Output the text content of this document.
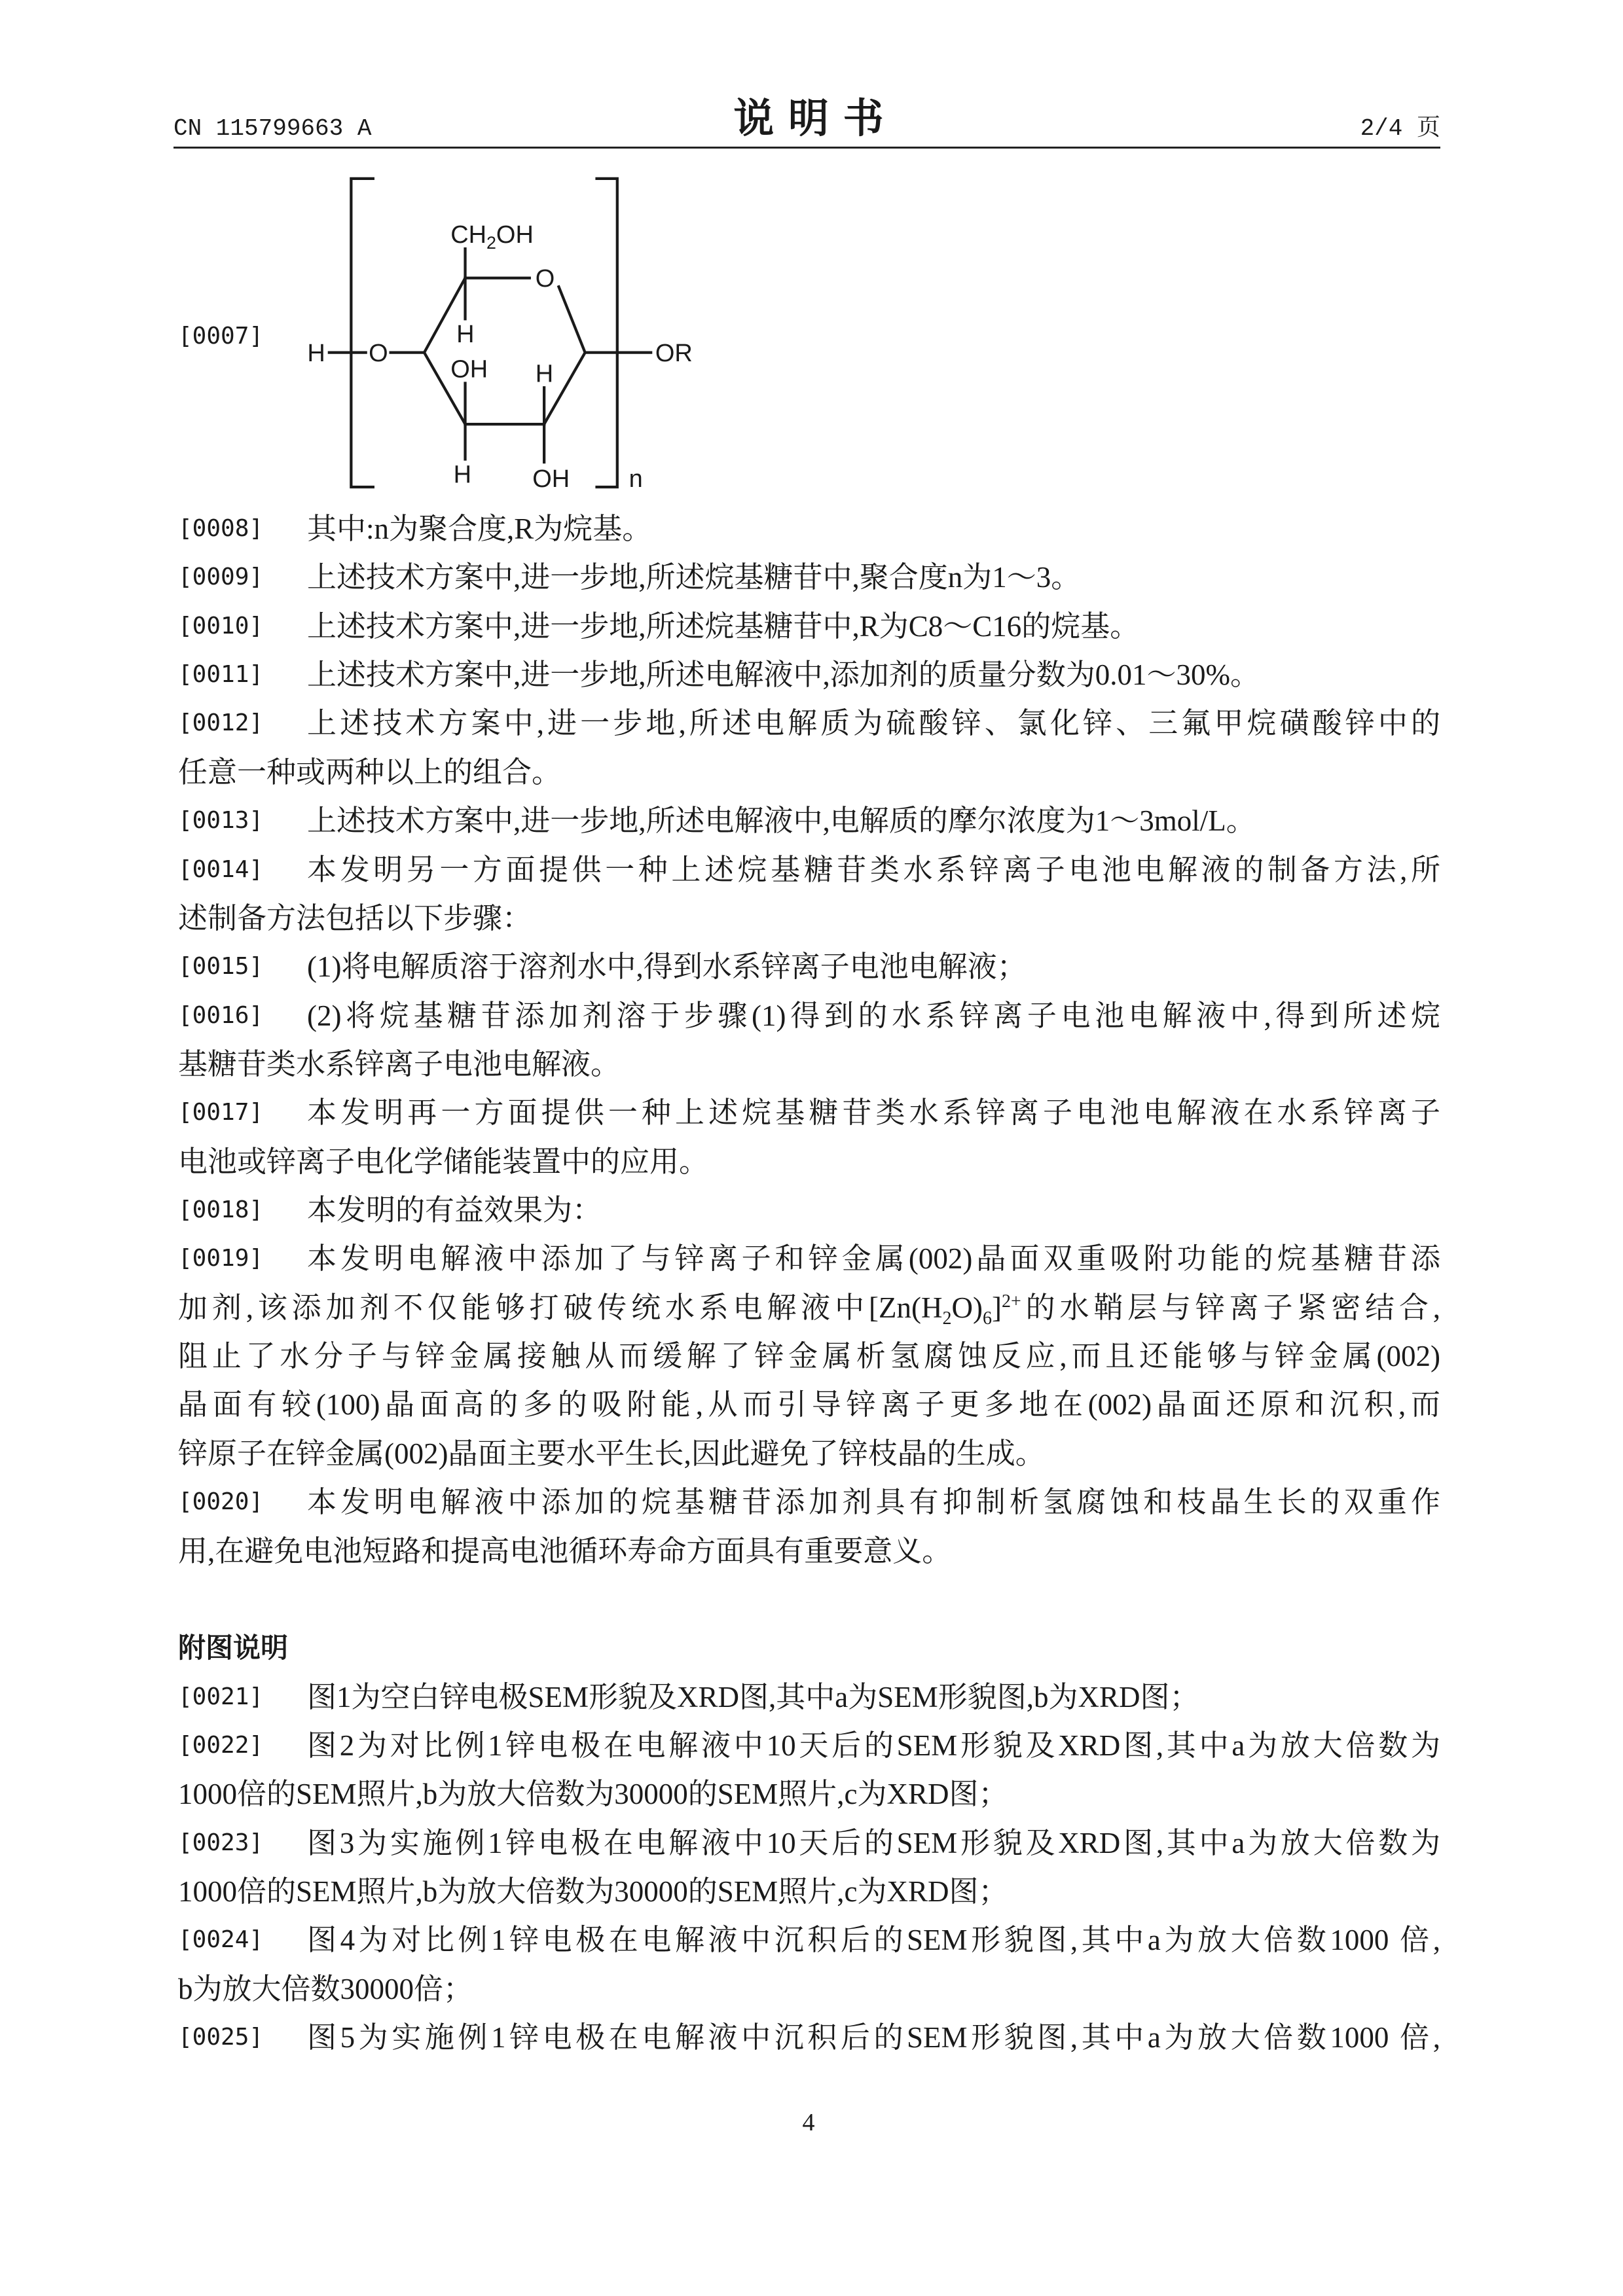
CN 115799663 A	说 明 书	2/4 页
[0007]
n
H	O
O
$CH_2OH$
H
OH
H
H
OH
OR
[0008]	其中:n为聚合度,R为烷基。
[0009]	上述技术方案中,进一步地,所述烷基糖苷中,聚合度n为1～3。
[0010]	上述技术方案中,进一步地,所述烷基糖苷中,R为C8～C16的烷基。
[0011]	上述技术方案中,进一步地,所述电解液中,添加剂的质量分数为0.01～30%。
[0012]	上述技术方案中,进一步地,所述电解质为硫酸锌、氯化锌、三氟甲烷磺酸锌中的
任意一种或两种以上的组合。
[0013]	上述技术方案中,进一步地,所述电解液中,电解质的摩尔浓度为1～3mol/L。
[0014]	本发明另一方面提供一种上述烷基糖苷类水系锌离子电池电解液的制备方法,所
述制备方法包括以下步骤：
[0015]	(1)将电解质溶于溶剂水中,得到水系锌离子电池电解液；
[0016]	(2)将烷基糖苷添加剂溶于步骤(1)得到的水系锌离子电池电解液中,得到所述烷
基糖苷类水系锌离子电池电解液。
[0017]	本发明再一方面提供一种上述烷基糖苷类水系锌离子电池电解液在水系锌离子
电池或锌离子电化学储能装置中的应用。
[0018]	本发明的有益效果为：
[0019]	本发明电解液中添加了与锌离子和锌金属(002)晶面双重吸附功能的烷基糖苷添
加剂,该添加剂不仅能够打破传统水系电解液中$[Zn(H_2O)_6]^{2+}$的水鞘层与锌离子紧密结合,
阻止了水分子与锌金属接触从而缓解了锌金属析氢腐蚀反应,而且还能够与锌金属(002)
晶面有较(100)晶面高的多的吸附能,从而引导锌离子更多地在(002)晶面还原和沉积,而
锌原子在锌金属(002)晶面主要水平生长,因此避免了锌枝晶的生成。
[0020]	本发明电解液中添加的烷基糖苷添加剂具有抑制析氢腐蚀和枝晶生长的双重作
用,在避免电池短路和提高电池循环寿命方面具有重要意义。
附图说明
[0021]	图1为空白锌电极SEM形貌及XRD图,其中a为SEM形貌图,b为XRD图；
[0022]	图2为对比例1锌电极在电解液中10天后的SEM形貌及XRD图,其中a为放大倍数为
1000倍的SEM照片,b为放大倍数为30000的SEM照片,c为XRD图；
[0023]	图3为实施例1锌电极在电解液中10天后的SEM形貌及XRD图,其中a为放大倍数为
1000倍的SEM照片,b为放大倍数为30000的SEM照片,c为XRD图；
[0024]	图4为对比例1锌电极在电解液中沉积后的SEM形貌图,其中a为放大倍数1000 倍,
b为放大倍数30000倍；
[0025]	图5为实施例1锌电极在电解液中沉积后的SEM形貌图,其中a为放大倍数1000 倍,
4
